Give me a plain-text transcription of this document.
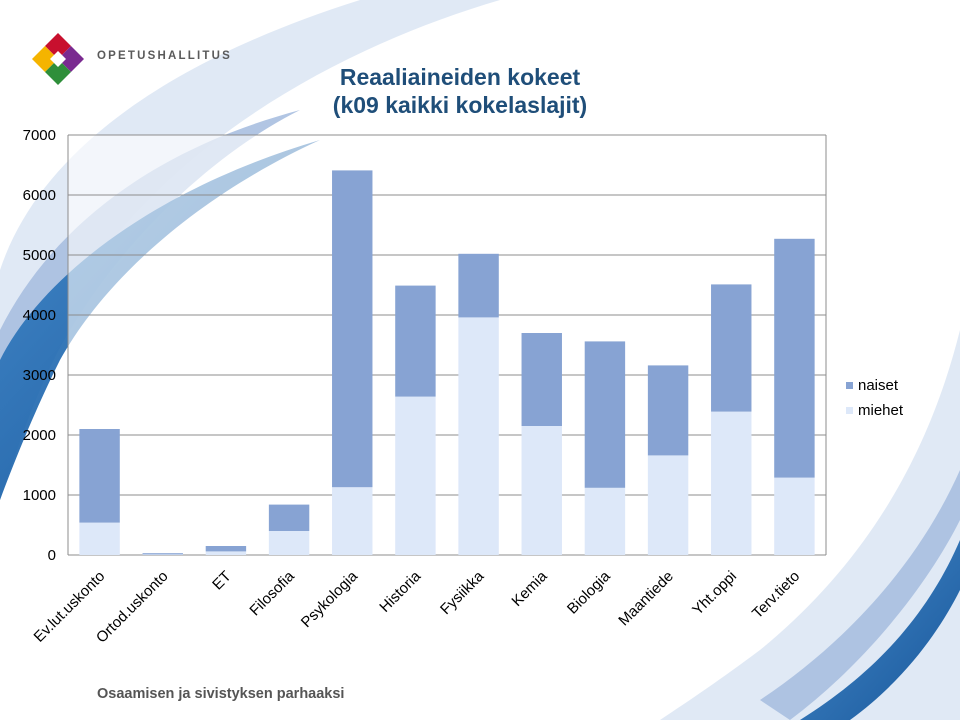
OPETUSHALLITUS
Osaamisen ja sivistyksen parhaaksi
Reaaliaineiden kokeet
(k09 kaikki kokelaslajit)
0
1000
2000
3000
4000
5000
6000
7000
Ev.lut.uskonto
Ortod.uskonto	ET Filosofia Psykologia Historia Fysiikka Kemia Biologia Maantiede Yht.oppi Terv.tieto
naiset
miehet
